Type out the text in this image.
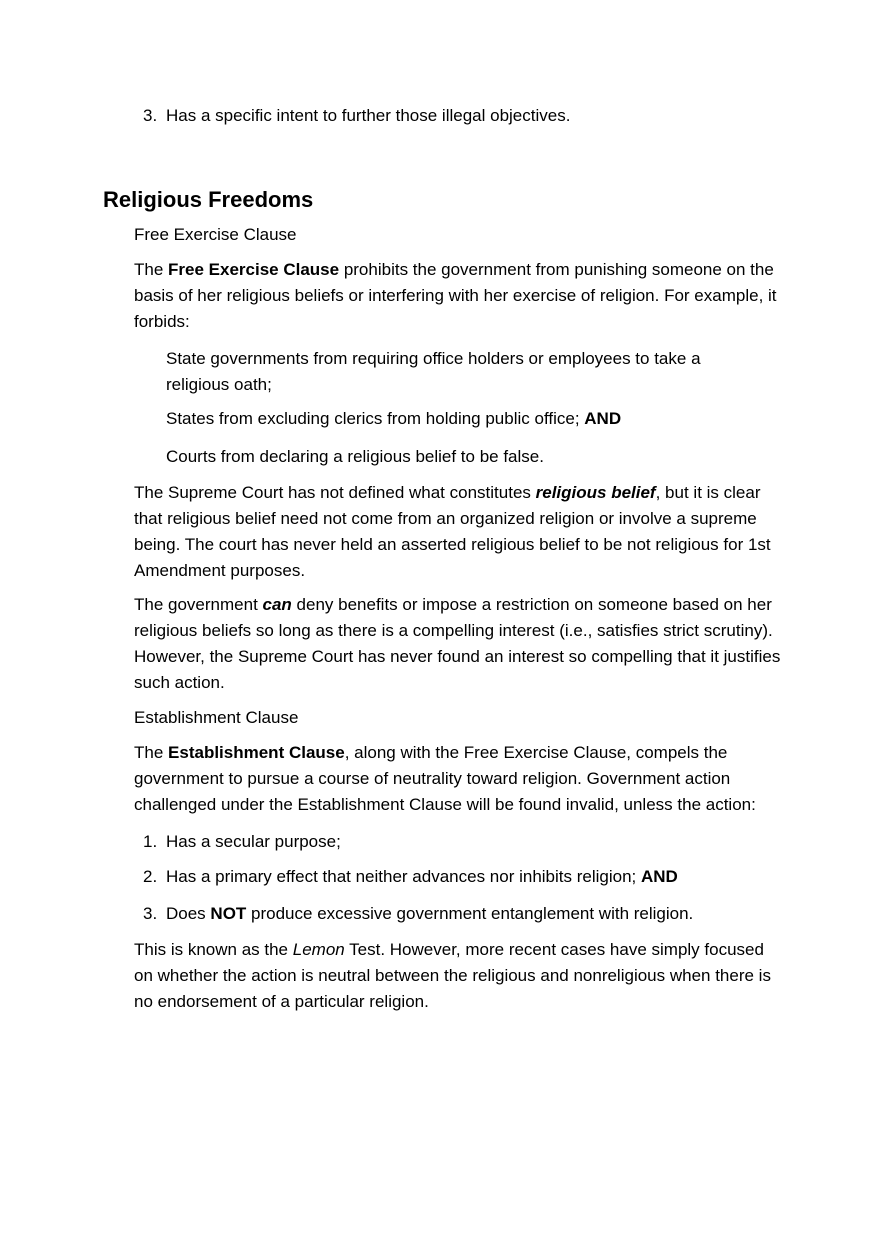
3. Has a specific intent to further those illegal objectives.
Religious Freedoms
Free Exercise Clause
The Free Exercise Clause prohibits the government from punishing someone on the basis of her religious beliefs or interfering with her exercise of religion. For example, it forbids:
State governments from requiring office holders or employees to take a religious oath;
States from excluding clerics from holding public office; AND
Courts from declaring a religious belief to be false.
The Supreme Court has not defined what constitutes religious belief, but it is clear that religious belief need not come from an organized religion or involve a supreme being. The court has never held an asserted religious belief to be not religious for 1st Amendment purposes.
The government can deny benefits or impose a restriction on someone based on her religious beliefs so long as there is a compelling interest (i.e., satisfies strict scrutiny). However, the Supreme Court has never found an interest so compelling that it justifies such action.
Establishment Clause
The Establishment Clause, along with the Free Exercise Clause, compels the government to pursue a course of neutrality toward religion. Government action challenged under the Establishment Clause will be found invalid, unless the action:
1. Has a secular purpose;
2. Has a primary effect that neither advances nor inhibits religion; AND
3. Does NOT produce excessive government entanglement with religion.
This is known as the Lemon Test. However, more recent cases have simply focused on whether the action is neutral between the religious and nonreligious when there is no endorsement of a particular religion.
